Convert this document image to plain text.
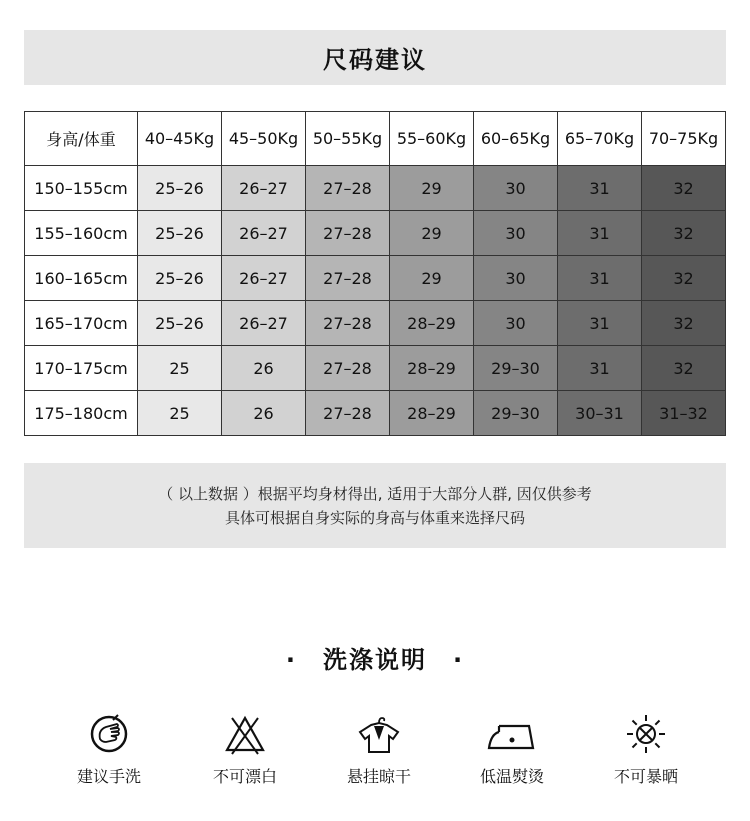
尺码建议
身高/体重	40–45Kg	45–50Kg	50–55Kg	55–60Kg	60–65Kg	65–70Kg	70–75Kg
150–155cm	25–26	26–27	27–28	29	30	31	32
155–160cm	25–26	26–27	27–28	29	30	31	32
160–165cm	25–26	26–27	27–28	29	30	31	32
165–170cm	25–26	26–27	27–28	28–29	30	31	32
170–175cm	25	26	27–28	28–29	29–30	31	32
175–180cm	25	26	27–28	28–29	29–30	30–31	31–32
（ 以上数据 ）根据平均身材得出, 适用于大部分人群, 因仅供参考
具体可根据自身实际的身高与体重来选择尺码
· 洗涤说明 ·
建议手洗	不可漂白	悬挂晾干	低温熨烫	不可暴晒
